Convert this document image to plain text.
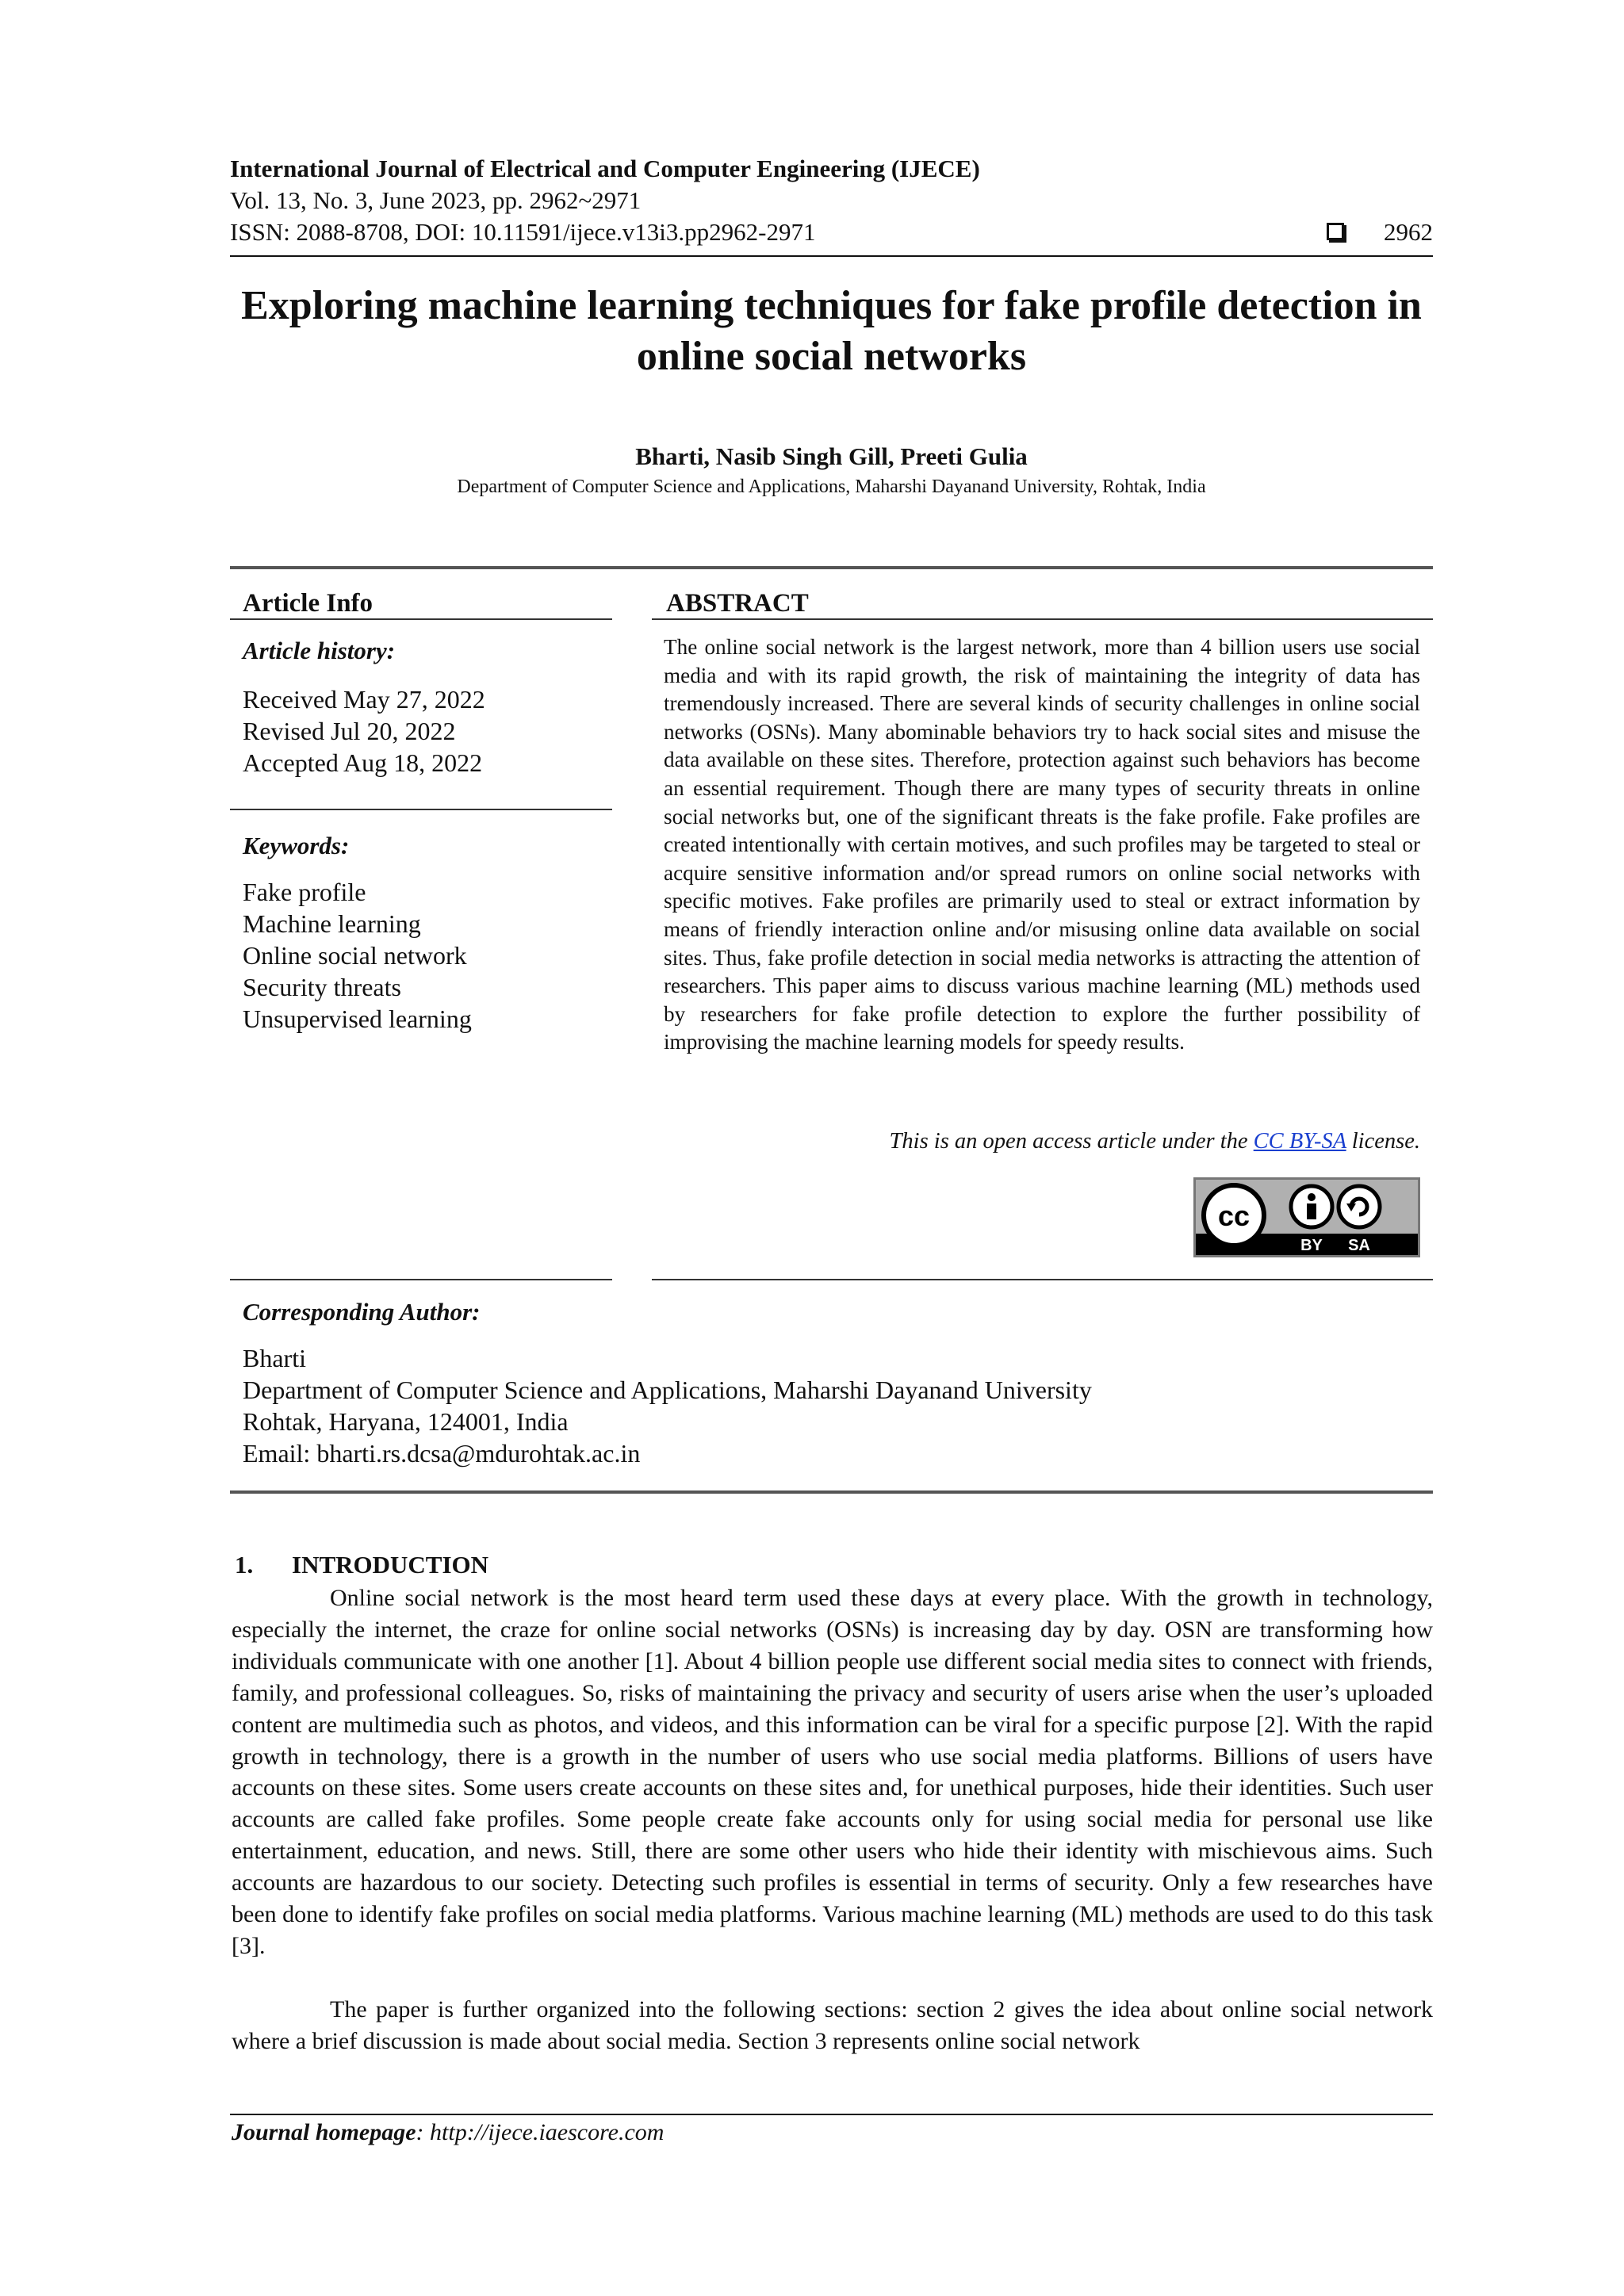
International Journal of Electrical and Computer Engineering (IJECE)
Vol. 13, No. 3, June 2023, pp. 2962~2971
ISSN: 2088-8708, DOI: 10.11591/ijece.v13i3.pp2962-2971	2962
Exploring machine learning techniques for fake profile detection in online social networks
Bharti, Nasib Singh Gill, Preeti Gulia
Department of Computer Science and Applications, Maharshi Dayanand University, Rohtak, India
Article Info
Article history:
Received May 27, 2022
Revised Jul 20, 2022
Accepted Aug 18, 2022
Keywords:
Fake profile
Machine learning
Online social network
Security threats
Unsupervised learning
ABSTRACT
The online social network is the largest network, more than 4 billion users use social media and with its rapid growth, the risk of maintaining the integrity of data has tremendously increased. There are several kinds of security challenges in online social networks (OSNs). Many abominable behaviors try to hack social sites and misuse the data available on these sites. Therefore, protection against such behaviors has become an essential requirement. Though there are many types of security threats in online social networks but, one of the significant threats is the fake profile. Fake profiles are created intentionally with certain motives, and such profiles may be targeted to steal or acquire sensitive information and/or spread rumors on online social networks with specific motives. Fake profiles are primarily used to steal or extract information by means of friendly interaction online and/or misusing online data available on social sites. Thus, fake profile detection in social media networks is attracting the attention of researchers. This paper aims to discuss various machine learning (ML) methods used by researchers for fake profile detection to explore the further possibility of improvising the machine learning models for speedy results.
This is an open access article under the CC BY-SA license.
cc
BY SA
Corresponding Author:
Bharti
Department of Computer Science and Applications, Maharshi Dayanand University
Rohtak, Haryana, 124001, India
Email: bharti.rs.dcsa@mdurohtak.ac.in
1. INTRODUCTION
Online social network is the most heard term used these days at every place. With the growth in technology, especially the internet, the craze for online social networks (OSNs) is increasing day by day. OSN are transforming how individuals communicate with one another [1]. About 4 billion people use different social media sites to connect with friends, family, and professional colleagues. So, risks of maintaining the privacy and security of users arise when the user’s uploaded content are multimedia such as photos, and videos, and this information can be viral for a specific purpose [2]. With the rapid growth in technology, there is a growth in the number of users who use social media platforms. Billions of users have accounts on these sites. Some users create accounts on these sites and, for unethical purposes, hide their identities. Such user accounts are called fake profiles. Some people create fake accounts only for using social media for personal use like entertainment, education, and news. Still, there are some other users who hide their identity with mischievous aims. Such accounts are hazardous to our society. Detecting such profiles is essential in terms of security. Only a few researches have been done to identify fake profiles on social media platforms. Various machine learning (ML) methods are used to do this task [3].
The paper is further organized into the following sections: section 2 gives the idea about online social network where a brief discussion is made about social media. Section 3 represents online social network
Journal homepage: http://ijece.iaescore.com
